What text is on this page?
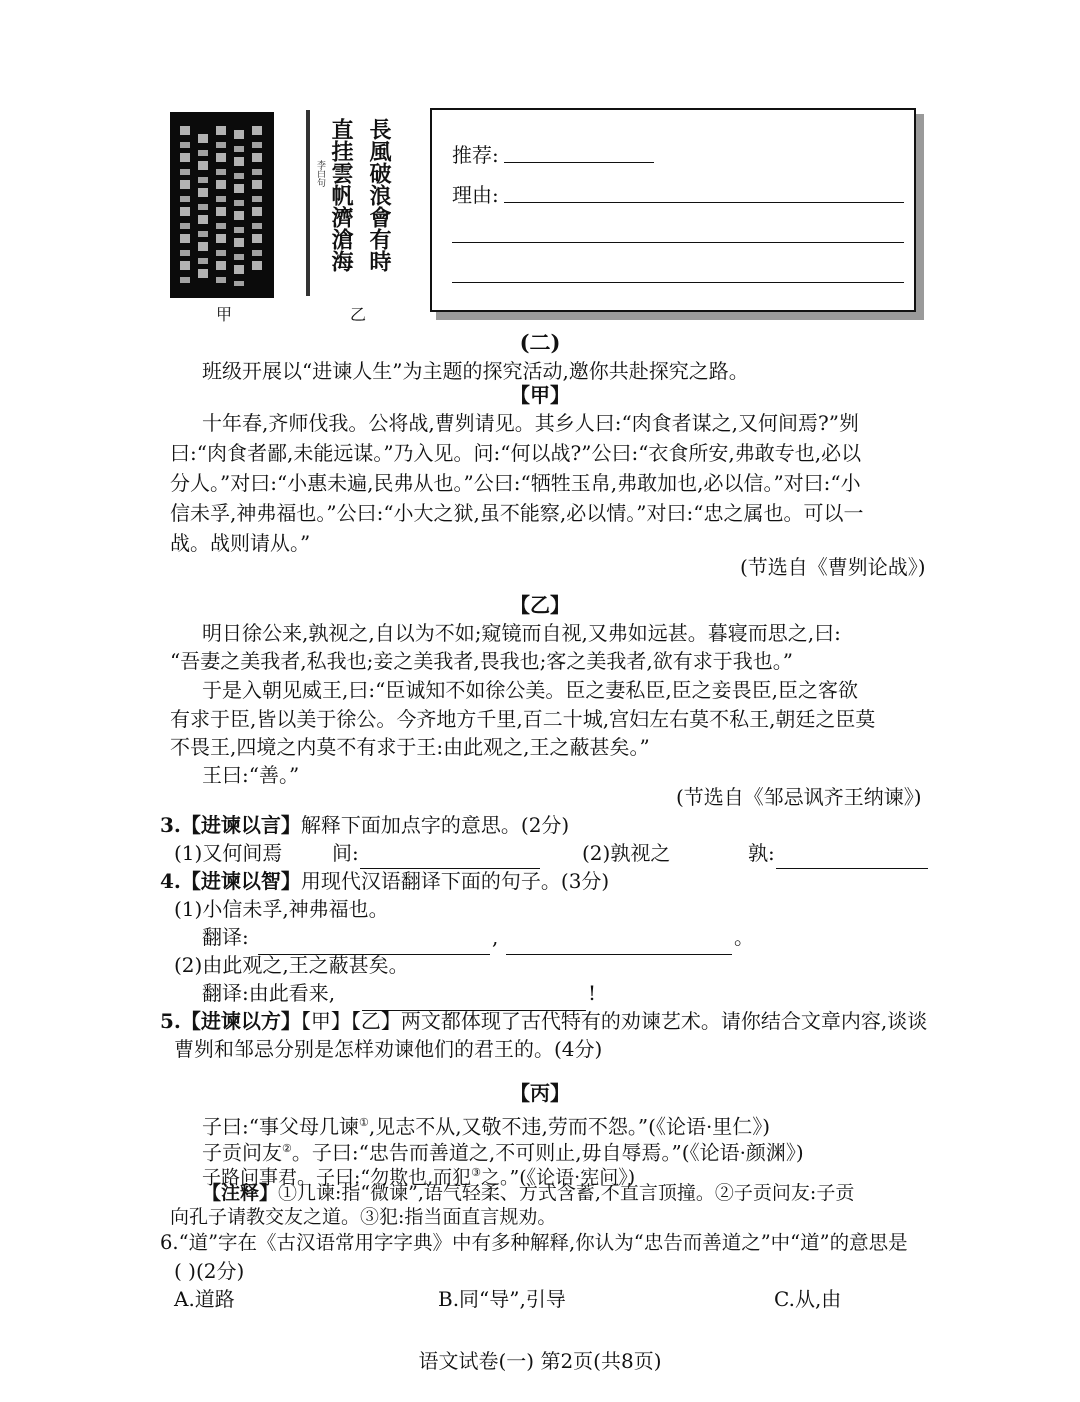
甲
長風破浪會有時
直挂雲帆濟滄海
李白句
乙
推荐:
理由:
(二)
班级开展以“进谏人生”为主题的探究活动,邀你共赴探究之路。
【甲】
十年春,齐师伐我。公将战,曹刿请见。其乡人曰:“肉食者谋之,又何间焉?”刿
曰:“肉食者鄙,未能远谋。”乃入见。问:“何以战?”公曰:“衣食所安,弗敢专也,必以
分人。”对曰:“小惠未遍,民弗从也。”公曰:“牺牲玉帛,弗敢加也,必以信。”对曰:“小
信未孚,神弗福也。”公曰:“小大之狱,虽不能察,必以情。”对曰:“忠之属也。可以一
战。战则请从。”
(节选自《曹刿论战》)
【乙】
明日徐公来,孰视之,自以为不如;窥镜而自视,又弗如远甚。暮寝而思之,曰:
“吾妻之美我者,私我也;妾之美我者,畏我也;客之美我者,欲有求于我也。”
于是入朝见威王,曰:“臣诚知不如徐公美。臣之妻私臣,臣之妾畏臣,臣之客欲
有求于臣,皆以美于徐公。今齐地方千里,百二十城,宫妇左右莫不私王,朝廷之臣莫
不畏王,四境之内莫不有求于王:由此观之,王之蔽甚矣。”
王曰:“善。”
(节选自《邹忌讽齐王纳谏》)
3.【进谏以言】解释下面加点字的意思。(2分)
(1)又何间焉 间:	(2)孰视之	孰:
4.【进谏以智】用现代汉语翻译下面的句子。(3分)
(1)小信未孚,神弗福也。
翻译:	,	。
(2)由此观之,王之蔽甚矣。
翻译:由此看来,	!
5.【进谏以方】【甲】【乙】两文都体现了古代特有的劝谏艺术。请你结合文章内容,谈谈
曹刿和邹忌分别是怎样劝谏他们的君王的。(4分)
【丙】
子曰:“事父母几谏①,见志不从,又敬不违,劳而不怨。”(《论语·里仁》)
子贡问友②。子曰:“忠告而善道之,不可则止,毋自辱焉。”(《论语·颜渊》)
子路问事君。子曰:“勿欺也,而犯③之。”(《论语·宪问》)
【注释】①几谏:指“微谏”,语气轻柔、方式含蓄,不直言顶撞。②子贡问友:子贡
向孔子请教交友之道。③犯:指当面直言规劝。
6.“道”字在《古汉语常用字字典》中有多种解释,你认为“忠告而善道之”中“道”的意思是
( )(2分)
A.道路	B.同“导”,引导	C.从,由
语文试卷(一) 第2页(共8页)
